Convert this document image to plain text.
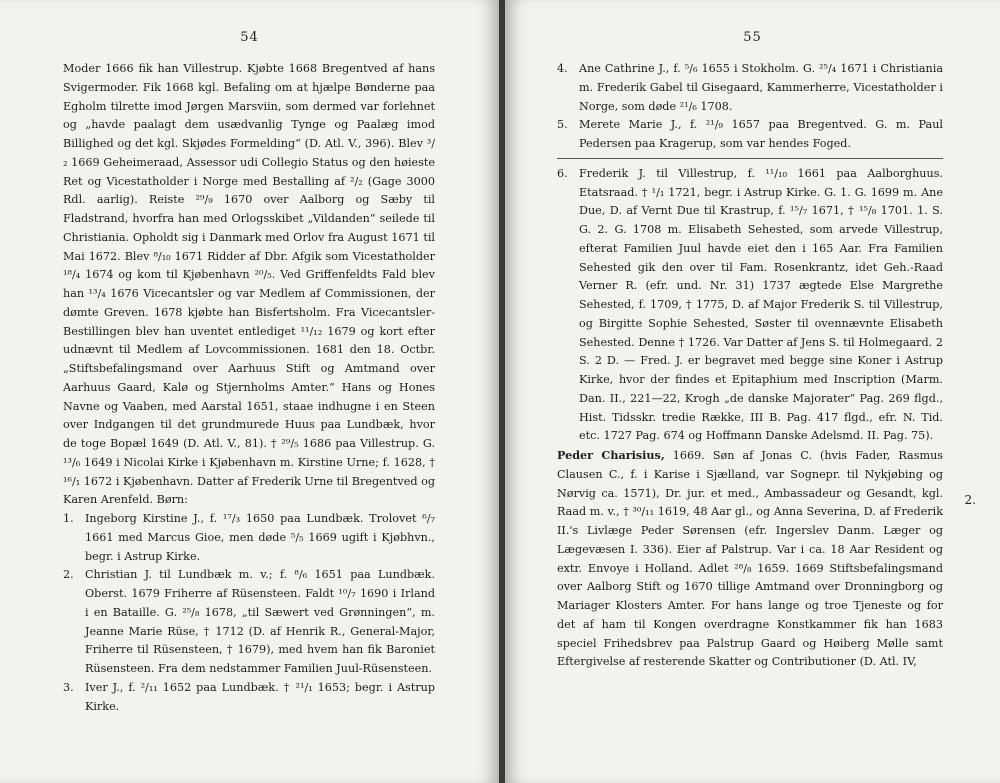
54

Moder 1666 fik han Villestrup. Kjøbte 1668 Bregentved af hans Svigermoder. Fik 1668 kgl. Befaling om at hjælpe Bønderne paa Egholm tilrette imod Jørgen Marsviin, som dermed var forlehnet og „havde paalagt dem usædvanlig Tynge og Paalæg imod Billighed og det kgl. Skjødes Formelding“ (D. Atl. V., 396). Blev ³/₂ 1669 Geheimeraad, Assessor udi Collegio Status og den høieste Ret og Vicestatholder i Norge med Bestalling af ²/₂ (Gage 3000 Rdl. aarlig). Reiste ²⁹/₉ 1670 over Aalborg og Sæby til Fladstrand, hvorfra han med Orlogsskibet „Vildanden“ seilede til Christiania. Opholdt sig i Danmark med Orlov fra August 1671 til Mai 1672. Blev ⁸/₁₀ 1671 Ridder af Dbr. Afgik som Vicestatholder ¹⁸/₄ 1674 og kom til Kjøbenhavn ²⁰/₅. Ved Griffenfeldts Fald blev han ¹³/₄ 1676 Vicecantsler og var Medlem af Commissionen, der dømte Greven. 1678 kjøbte han Bisfertsholm. Fra Vicecantsler-Bestillingen blev han uventet entlediget ¹¹/₁₂ 1679 og kort efter udnævnt til Medlem af Lovcommissionen. 1681 den 18. Octbr. „Stiftsbefalingsmand over Aarhuus Stift og Amtmand over Aarhuus Gaard, Kalø og Stjernholms Amter.“ Hans og Hones Navne og Vaaben, med Aarstal 1651, staae indhugne i en Steen over Indgangen til det grundmurede Huus paa Lundbæk, hvor de toge Bopæl 1649 (D. Atl. V., 81). † ²⁹/₅ 1686 paa Villestrup. G. ¹³/₆ 1649 i Nicolai Kirke i Kjøbenhavn m. Kirstine Urne; f. 1628, † ¹⁶/₁ 1672 i Kjøbenhavn. Datter af Frederik Urne til Bregentved og Karen Arenfeld. Børn:

1.	Ingeborg Kirstine J., f. ¹⁷/₃ 1650 paa Lundbæk. Trolovet ⁶/₇ 1661 med Marcus Gioe, men døde ⁵/₅ 1669 ugift i Kjøbhvn., begr. i Astrup Kirke.
2.	Christian J. til Lundbæk m. v.; f. ⁸/₆ 1651 paa Lundbæk. Oberst. 1679 Friherre af Rüsensteen. Faldt ¹⁰/₇ 1690 i Irland i en Bataille. G. ²⁵/₈ 1678, „til Sæwert ved Grønningen“, m. Jeanne Marie Rüse, † 1712 (D. af Henrik R., General-Major, Friherre til Rüsensteen, † 1679), med hvem han fik Baroniet Rüsensteen. Fra dem nedstammer Familien Juul-Rüsensteen.
3.	Iver J., f. ²/₁₁ 1652 paa Lundbæk. † ²¹/₁ 1653; begr. i Astrup Kirke.
55
4.	Ane Cathrine J., f. ⁵/₆ 1655 i Stokholm. G. ²⁵/₄ 1671 i Christiania m. Frederik Gabel til Gisegaard, Kammerherre, Vicestatholder i Norge, som døde ²¹/₆ 1708.
5.	Merete Marie J., f. ²¹/₉ 1657 paa Bregentved. G. m. Paul Pedersen paa Kragerup, som var hendes Foged.
6.	Frederik J. til Villestrup, f. ¹¹/₁₀ 1661 paa Aalborghuus. Etatsraad. † ¹/₁ 1721, begr. i Astrup Kirke. G. 1. G. 1699 m. Ane Due, D. af Vernt Due til Krastrup, f. ¹⁵/₇ 1671, † ¹⁵/₈ 1701. 1. S. G. 2. G. 1708 m. Elisabeth Sehested, som arvede Villestrup, efterat Familien Juul havde eiet den i 165 Aar. Fra Familien Sehested gik den over til Fam. Rosenkrantz, idet Geh.-Raad Verner R. (efr. und. Nr. 31) 1737 ægtede Else Margrethe Sehested, f. 1709, † 1775, D. af Major Frederik S. til Villestrup, og Birgitte Sophie Sehested, Søster til ovennævnte Elisabeth Sehested. Denne † 1726. Var Datter af Jens S. til Holmegaard. 2 S. 2 D. — Fred. J. er begravet med begge sine Koner i Astrup Kirke, hvor der findes et Epitaphium med Inscription (Marm. Dan. II., 221—22, Krogh „de danske Majorater“ Pag. 269 flgd., Hist. Tidsskr. tredie Række, III B. Pag. 417 flgd., efr. N. Tid. etc. 1727 Pag. 674 og Hoffmann Danske Adelsmd. II. Pag. 75).

Peder Charisius, 1669. Søn af Jonas C. (hvis Fader, Rasmus Clausen C., f. i Karise i Sjælland, var Sognepr. til Nykjøbing og Nørvig ca. 1571), Dr. jur. et med., Ambassadeur og Gesandt, kgl. Raad m. v., † ³⁰/₁₁ 1619, 48 Aar gl., og Anna Severina, D. af Frederik II.'s Livlæge Peder Sørensen (efr. Ingerslev Danm. Læger og Lægevæsen I. 336). Eier af Palstrup. Var i ca. 18 Aar Resident og extr. Envoye i Holland. Adlet ²⁸/₈ 1659. 1669 Stiftsbefalingsmand over Aalborg Stift og 1670 tillige Amtmand over Dronningborg og Mariager Klosters Amter. For hans lange og troe Tjeneste og for det af ham til Kongen overdragne Konstkammer fik han 1683 speciel Frihedsbrev paa Palstrup Gaard og Høiberg Mølle samt Eftergivelse af resterende Skatter og Contributioner (D. Atl. IV,

2.
